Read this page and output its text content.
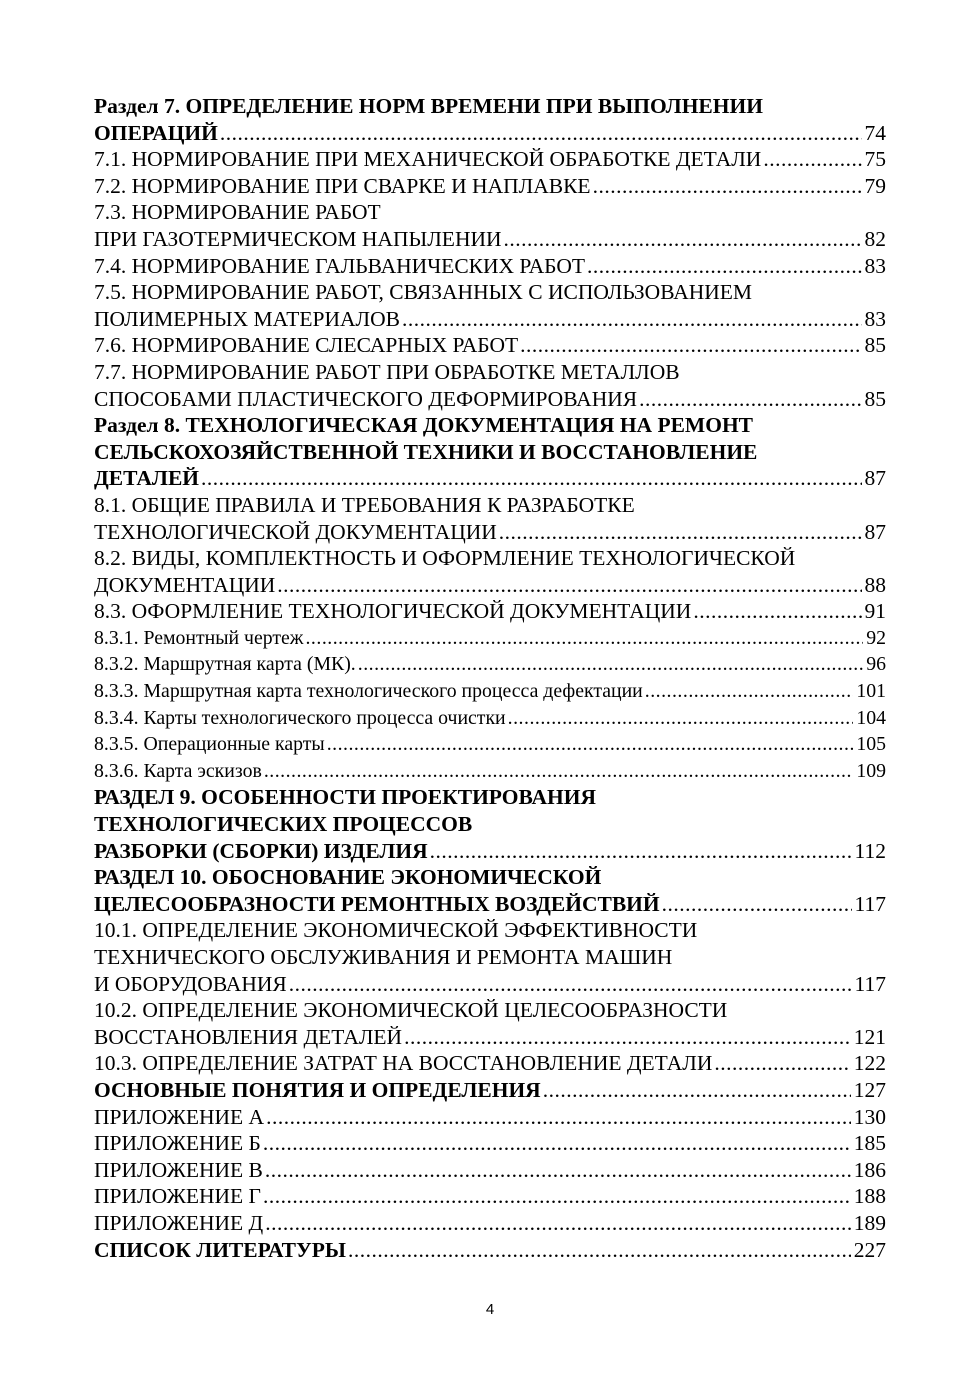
Раздел 7. ОПРЕДЕЛЕНИЕ НОРМ ВРЕМЕНИ ПРИ ВЫПОЛНЕНИИ
ОПЕРАЦИЙ .....	74
7.1. НОРМИРОВАНИЕ ПРИ МЕХАНИЧЕСКОЙ ОБРАБОТКЕ ДЕТАЛИ .....	75
7.2. НОРМИРОВАНИЕ ПРИ СВАРКЕ И НАПЛАВКЕ .....	79
7.3. НОРМИРОВАНИЕ РАБОТ
ПРИ ГАЗОТЕРМИЧЕСКОМ НАПЫЛЕНИИ .....	82
7.4. НОРМИРОВАНИЕ ГАЛЬВАНИЧЕСКИХ РАБОТ .....	83
7.5. НОРМИРОВАНИЕ РАБОТ, СВЯЗАННЫХ С ИСПОЛЬЗОВАНИЕМ
ПОЛИМЕРНЫХ МАТЕРИАЛОВ .....	83
7.6. НОРМИРОВАНИЕ СЛЕСАРНЫХ РАБОТ .....	85
7.7. НОРМИРОВАНИЕ РАБОТ ПРИ ОБРАБОТКЕ МЕТАЛЛОВ
СПОСОБАМИ ПЛАСТИЧЕСКОГО ДЕФОРМИРОВАНИЯ .....	85
Раздел 8. ТЕХНОЛОГИЧЕСКАЯ ДОКУМЕНТАЦИЯ НА РЕМОНТ
СЕЛЬСКОХОЗЯЙСТВЕННОЙ ТЕХНИКИ И ВОССТАНОВЛЕНИЕ
ДЕТАЛЕЙ .....	87
8.1. ОБЩИЕ ПРАВИЛА И ТРЕБОВАНИЯ К РАЗРАБОТКЕ
ТЕХНОЛОГИЧЕСКОЙ ДОКУМЕНТАЦИИ .....	87
8.2. ВИДЫ, КОМПЛЕКТНОСТЬ И ОФОРМЛЕНИЕ ТЕХНОЛОГИЧЕСКОЙ
ДОКУМЕНТАЦИИ .....	88
8.3. ОФОРМЛЕНИЕ ТЕХНОЛОГИЧЕСКОЙ ДОКУМЕНТАЦИИ .....	91
8.3.1. Ремонтный чертеж .....	92
8.3.2. Маршрутная карта (МК). .....	96
8.3.3. Маршрутная карта технологического процесса дефектации .....	101
8.3.4. Карты технологического процесса очистки .....	104
8.3.5. Операционные карты .....	105
8.3.6. Карта эскизов .....	109
РАЗДЕЛ 9. ОСОБЕННОСТИ ПРОЕКТИРОВАНИЯ
ТЕХНОЛОГИЧЕСКИХ ПРОЦЕССОВ
РАЗБОРКИ (СБОРКИ) ИЗДЕЛИЯ .....	112
РАЗДЕЛ 10. ОБОСНОВАНИЕ ЭКОНОМИЧЕСКОЙ
ЦЕЛЕСООБРАЗНОСТИ РЕМОНТНЫХ ВОЗДЕЙСТВИЙ .....	117
10.1. ОПРЕДЕЛЕНИЕ ЭКОНОМИЧЕСКОЙ ЭФФЕКТИВНОСТИ
ТЕХНИЧЕСКОГО ОБСЛУЖИВАНИЯ И РЕМОНТА МАШИН
И ОБОРУДОВАНИЯ .....	117
10.2. ОПРЕДЕЛЕНИЕ ЭКОНОМИЧЕСКОЙ ЦЕЛЕСООБРАЗНОСТИ
ВОССТАНОВЛЕНИЯ ДЕТАЛЕЙ .....	121
10.3. ОПРЕДЕЛЕНИЕ ЗАТРАТ НА ВОССТАНОВЛЕНИЕ ДЕТАЛИ .....	122
ОСНОВНЫЕ ПОНЯТИЯ И ОПРЕДЕЛЕНИЯ .....	127
ПРИЛОЖЕНИЕ А .....	130
ПРИЛОЖЕНИЕ Б .....	185
ПРИЛОЖЕНИЕ В .....	186
ПРИЛОЖЕНИЕ Г .....	188
ПРИЛОЖЕНИЕ Д .....	189
СПИСОК ЛИТЕРАТУРЫ .....	227
4
